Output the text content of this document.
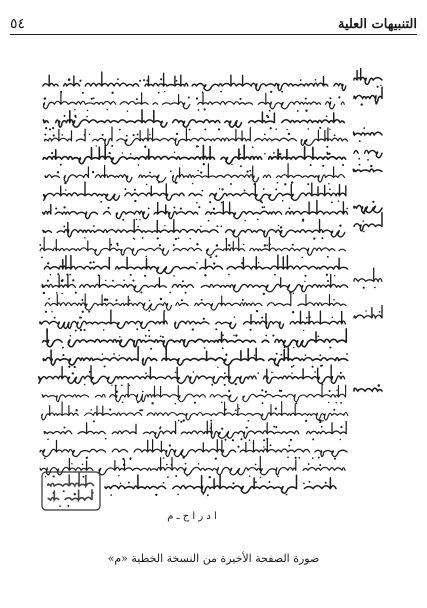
التنبيهات العلية
٥٤
ا د ر ا ح ـ م
صورة الصفحة الأخيرة من النسخة الخطية «م»
